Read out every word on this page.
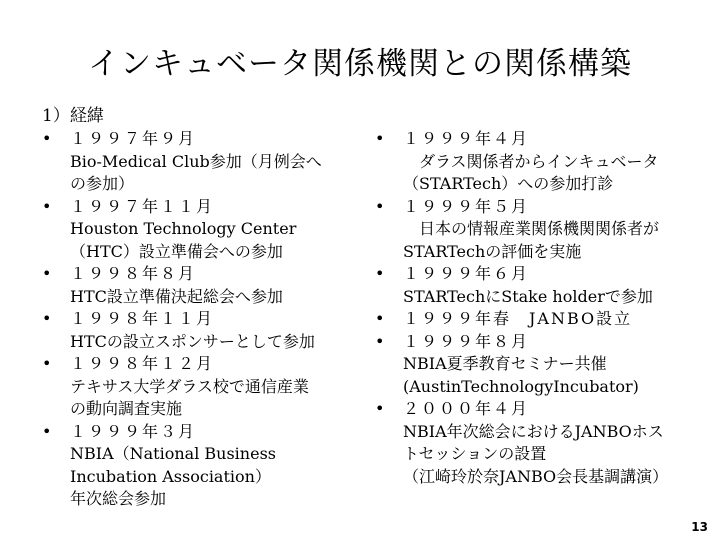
インキュベータ関係機関との関係構築
1）経緯
• １９９７年９月
Bio-Medical Club参加（月例会へ
の参加）
• １９９７年１１月
Houston Technology Center
（HTC）設立準備会への参加
• １９９８年８月
HTC設立準備決起総会へ参加
• １９９８年１１月
HTCの設立スポンサーとして参加
• １９９８年１２月
テキサス大学ダラス校で通信産業
の動向調査実施
• １９９９年３月
NBIA（National Business
Incubation Association）
年次総会参加
• １９９９年４月
　ダラス関係者からインキュベータ
（STARTech）への参加打診
• １９９９年５月
　日本の情報産業関係機関関係者が
STARTechの評価を実施
• １９９９年６月
STARTechにStake holderで参加
• １９９９年春　JANBO設立
• １９９９年８月
NBIA夏季教育セミナー共催
(AustinTechnologyIncubator)
• ２０００年４月
NBIA年次総会におけるJANBOホス
トセッションの設置
（江崎玲於奈JANBO会長基調講演）
13
